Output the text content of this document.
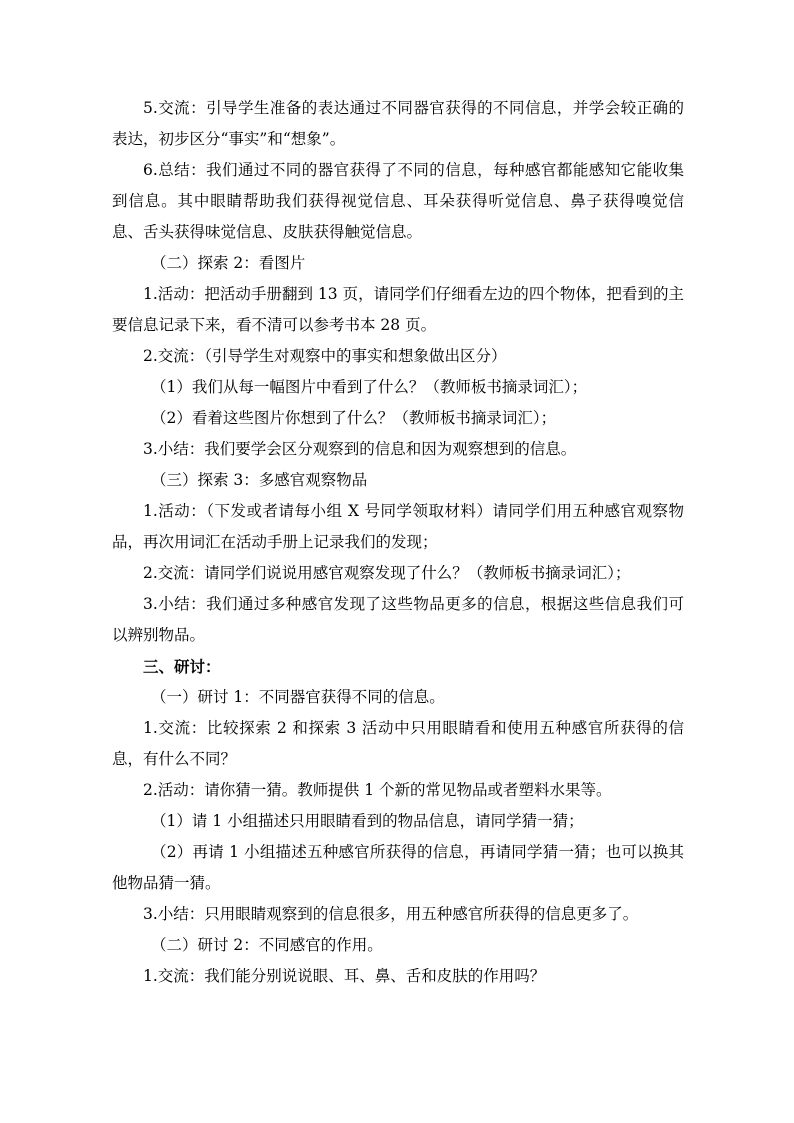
5.交流：引导学生准备的表达通过不同器官获得的不同信息，并学会较正确的表达，初步区分“事实”和“想象”。

6.总结：我们通过不同的器官获得了不同的信息，每种感官都能感知它能收集到信息。其中眼睛帮助我们获得视觉信息、耳朵获得听觉信息、鼻子获得嗅觉信息、舌头获得味觉信息、皮肤获得触觉信息。

（二）探索 2：看图片

1.活动：把活动手册翻到 13 页，请同学们仔细看左边的四个物体，把看到的主要信息记录下来，看不清可以参考书本 28 页。

2.交流：（引导学生对观察中的事实和想象做出区分）

（1）我们从每一幅图片中看到了什么？（教师板书摘录词汇）；

（2）看着这些图片你想到了什么？（教师板书摘录词汇）；

3.小结：我们要学会区分观察到的信息和因为观察想到的信息。

（三）探索 3：多感官观察物品

1.活动：（下发或者请每小组 X 号同学领取材料）请同学们用五种感官观察物品，再次用词汇在活动手册上记录我们的发现；

2.交流：请同学们说说用感官观察发现了什么？（教师板书摘录词汇）；

3.小结：我们通过多种感官发现了这些物品更多的信息，根据这些信息我们可以辨别物品。

三、研讨：

（一）研讨 1：不同器官获得不同的信息。

1.交流：比较探索 2 和探索 3 活动中只用眼睛看和使用五种感官所获得的信息，有什么不同？

2.活动：请你猜一猜。教师提供 1 个新的常见物品或者塑料水果等。

（1）请 1 小组描述只用眼睛看到的物品信息，请同学猜一猜；

（2）再请 1 小组描述五种感官所获得的信息，再请同学猜一猜；也可以换其他物品猜一猜。

3.小结：只用眼睛观察到的信息很多，用五种感官所获得的信息更多了。

（二）研讨 2：不同感官的作用。

1.交流：我们能分别说说眼、耳、鼻、舌和皮肤的作用吗？
